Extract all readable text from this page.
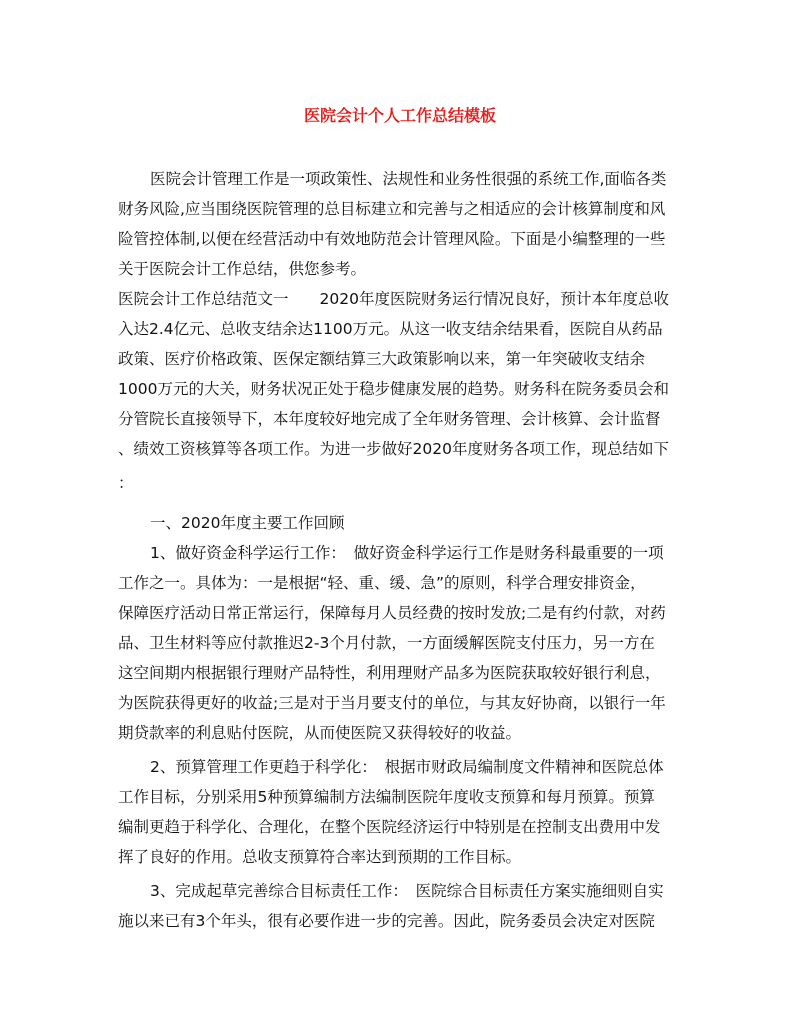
医院会计个人工作总结模板
医院会计管理工作是一项政策性、法规性和业务性很强的系统工作,面临各类
财务风险,应当围绕医院管理的总目标建立和完善与之相适应的会计核算制度和风
险管控体制,以便在经营活动中有效地防范会计管理风险。下面是小编整理的一些
关于医院会计工作总结，供您参考。
医院会计工作总结范文一　　2020年度医院财务运行情况良好，预计本年度总收
入达2.4亿元、总收支结余达1100万元。从这一收支结余结果看，医院自从药品
政策、医疗价格政策、医保定额结算三大政策影响以来，第一年突破收支结余
1000万元的大关，财务状况正处于稳步健康发展的趋势。财务科在院务委员会和
分管院长直接领导下，本年度较好地完成了全年财务管理、会计核算、会计监督
、绩效工资核算等各项工作。为进一步做好2020年度财务各项工作，现总结如下
：
一、2020年度主要工作回顾
1、做好资金科学运行工作：　做好资金科学运行工作是财务科最重要的一项
工作之一。具体为：一是根据“轻、重、缓、急”的原则，科学合理安排资金，
保障医疗活动日常正常运行，保障每月人员经费的按时发放;二是有约付款，对药
品、卫生材料等应付款推迟2-3个月付款，一方面缓解医院支付压力，另一方在
这空间期内根据银行理财产品特性，利用理财产品多为医院获取较好银行利息，
为医院获得更好的收益;三是对于当月要支付的单位，与其友好协商，以银行一年
期贷款率的利息贴付医院，从而使医院又获得较好的收益。
2、预算管理工作更趋于科学化：　根据市财政局编制度文件精神和医院总体
工作目标，分别采用5种预算编制方法编制医院年度收支预算和每月预算。预算
编制更趋于科学化、合理化，在整个医院经济运行中特别是在控制支出费用中发
挥了良好的作用。总收支预算符合率达到预期的工作目标。
3、完成起草完善综合目标责任工作：　医院综合目标责任方案实施细则自实
施以来已有3个年头，很有必要作进一步的完善。因此，院务委员会决定对医院
